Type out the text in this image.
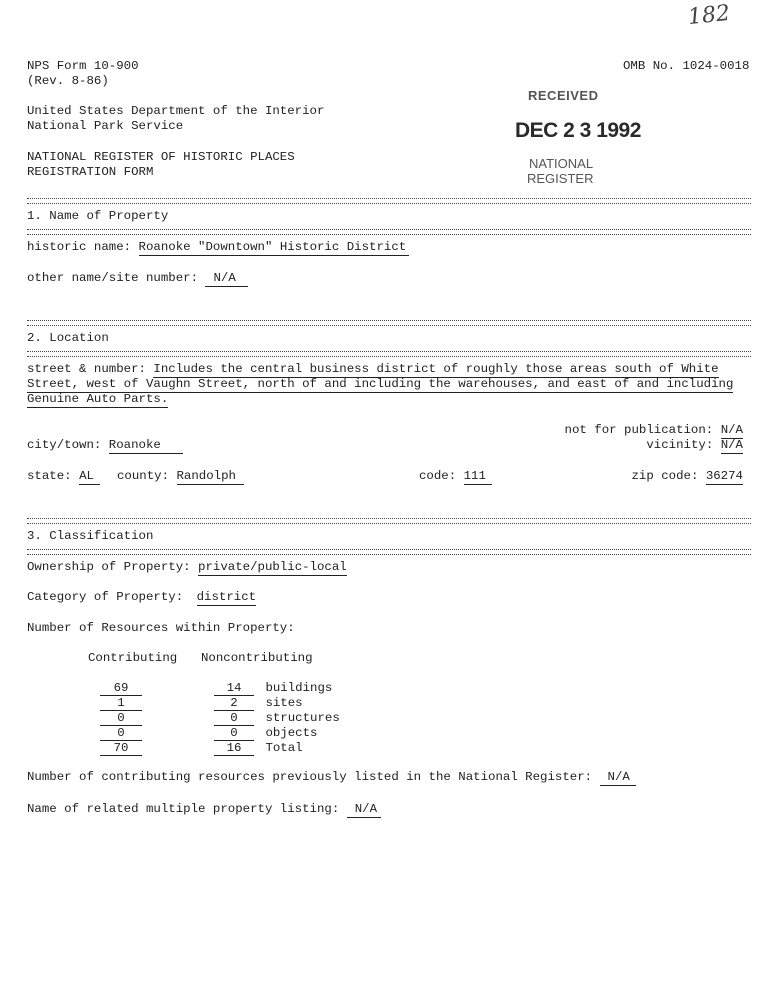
182
NPS Form 10-900
(Rev. 8-86)
OMB No. 1024-0018
United States Department of the Interior
National Park Service
NATIONAL REGISTER OF HISTORIC PLACES
REGISTRATION FORM
RECEIVED
DEC 2 3 1992
NATIONAL
REGISTER
1. Name of Property
historic name: Roanoke "Downtown" Historic District
other name/site number: N/A
2. Location
street & number: Includes the central business district of roughly those areas south of White
Street, west of Vaughn Street, north of and including the warehouses, and east of and including
Genuine Auto Parts.
not for publication: N/A
city/town: Roanoke	vicinity: N/A
state: AL	county: Randolph	code: 111	zip code: 36274
3. Classification
Ownership of Property: private/public-local
Category of Property: district
Number of Resources within Property:
Contributing Noncontributing
69	14 buildings
1	2 sites
0	0 structures
0	0 objects
70	16 Total
Number of contributing resources previously listed in the National Register: N/A
Name of related multiple property listing: N/A
